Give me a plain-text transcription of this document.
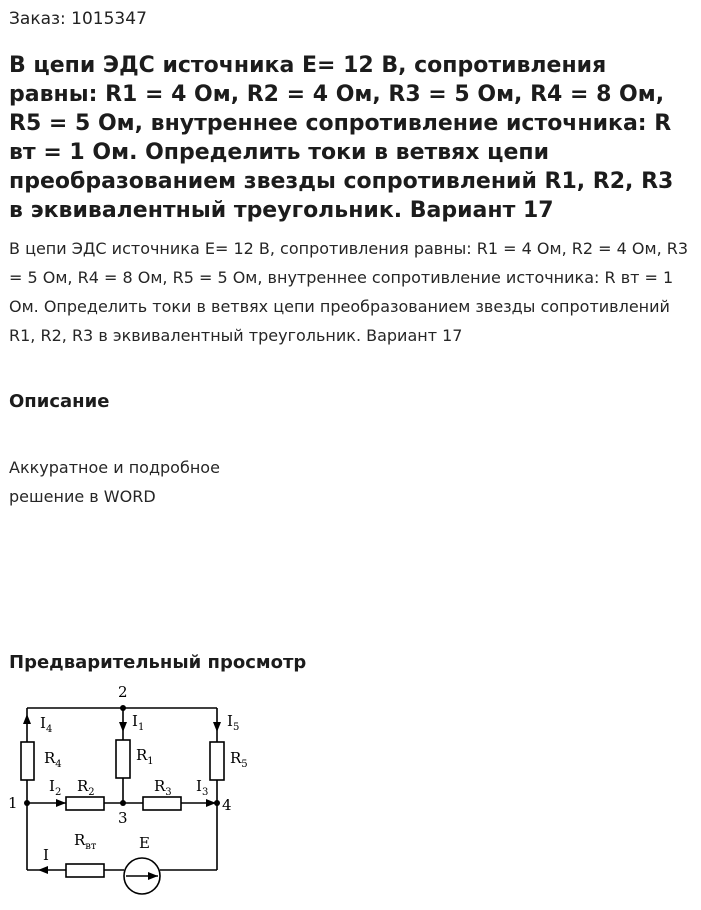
Заказ: 1015347
В цепи ЭДС источника E= 12 В, сопротивления равны: R1 = 4 Ом, R2 = 4 Ом, R3 = 5 Ом, R4 = 8 Ом, R5 = 5 Ом, внутреннее сопротивление источника: R вт = 1 Ом. Определить токи в ветвях цепи преобразованием звезды сопротивлений R1, R2, R3 в эквивалентный треугольник. Вариант 17
В цепи ЭДС источника E= 12 В, сопротивления равны: R1 = 4 Ом, R2 = 4 Ом, R3 = 5 Ом, R4 = 8 Ом, R5 = 5 Ом, внутреннее сопротивление источника: R вт = 1 Ом. Определить токи в ветвях цепи преобразованием звезды сопротивлений R1, R2, R3 в эквивалентный треугольник. Вариант 17
Описание
Аккуратное и подробное
решение в WORD
Предварительный просмотр
2
1
3
4
$I_4$	$I_1$	$I_5$
$I_2$	$I_3$
I
$R_4$
$R_1$	$R_5$
$R_2$	$R_3$
$R_{вт}$	E
